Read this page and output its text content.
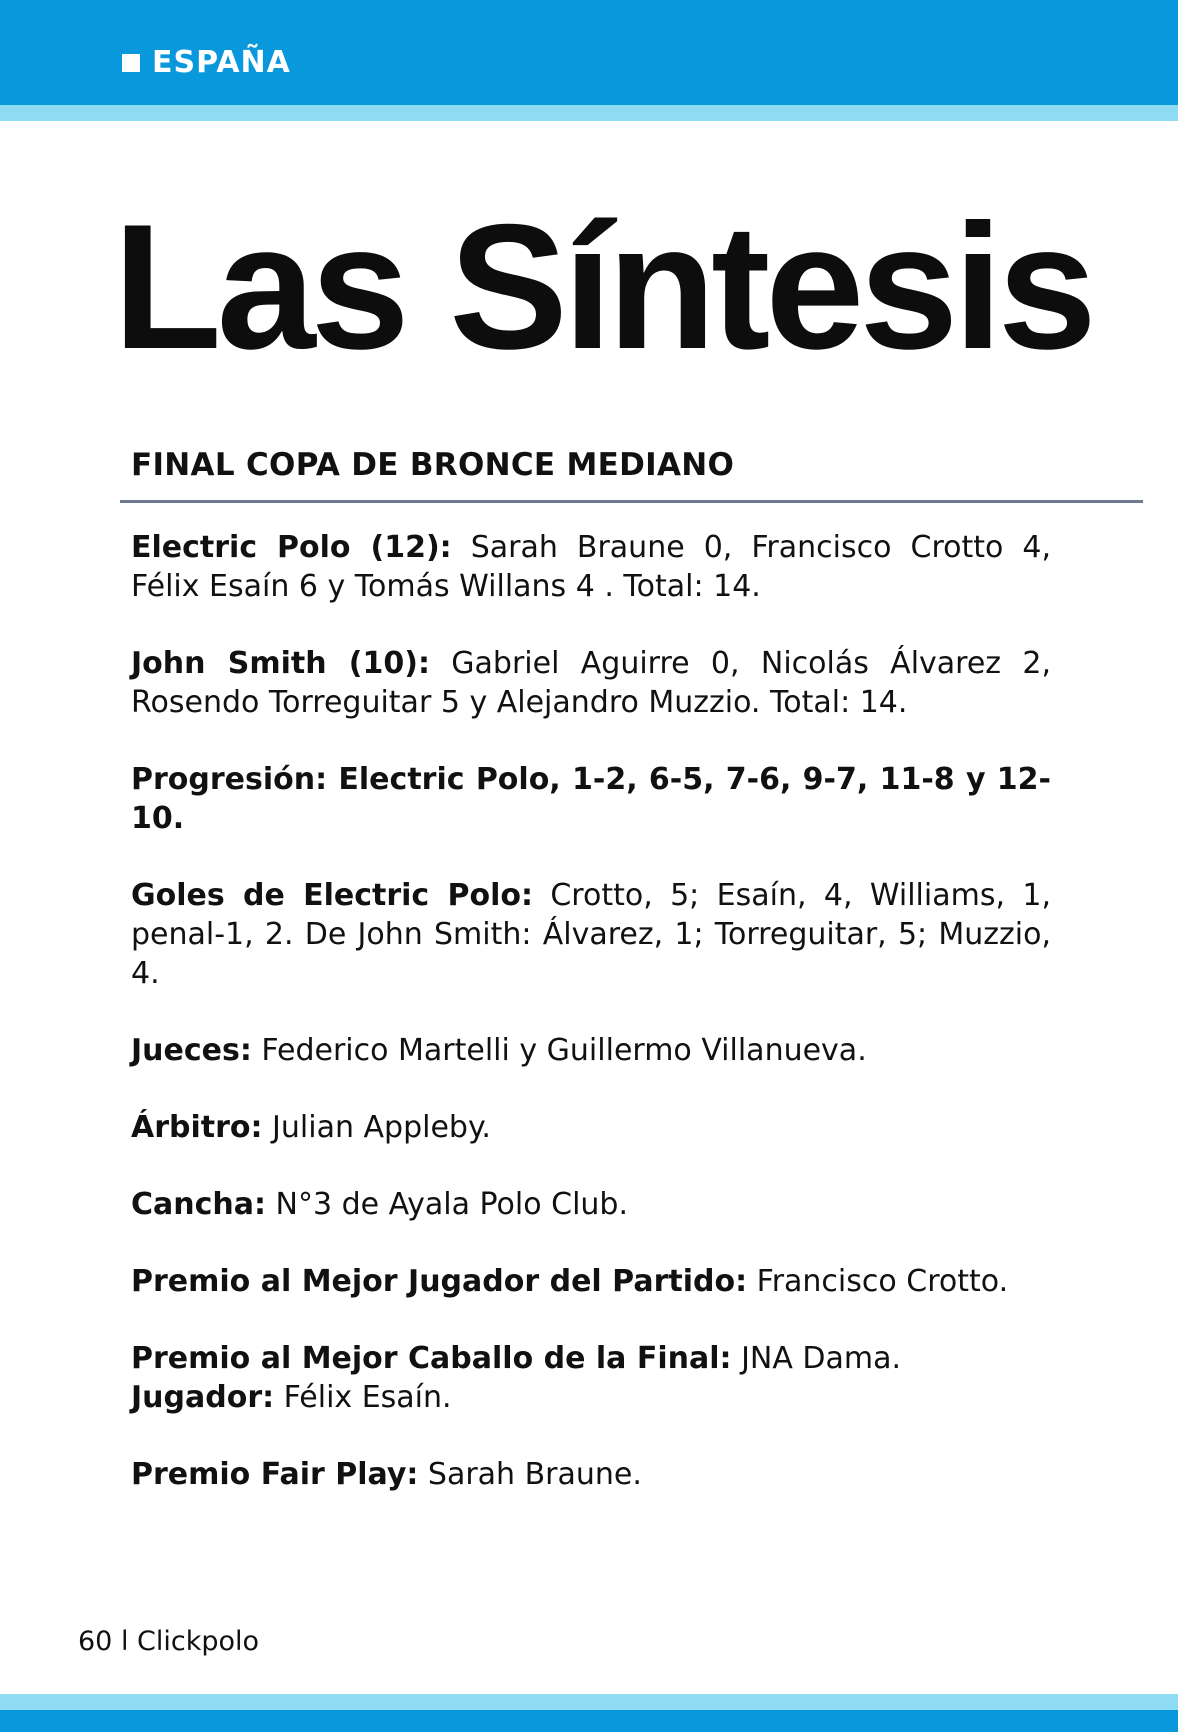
ESPAÑA
Las Síntesis
FINAL COPA DE BRONCE MEDIANO

Electric Polo (12): Sarah Braune 0, Francisco Crotto 4, Félix Esaín 6 y Tomás Willans 4 . Total: 14.

John Smith (10): Gabriel Aguirre 0, Nicolás Álvarez 2, Rosendo Torreguitar 5 y Alejandro Muzzio. Total: 14.

Progresión: Electric Polo, 1-2, 6-5, 7-6, 9-7, 11-8 y 12-10.

Goles de Electric Polo: Crotto, 5; Esaín, 4, Williams, 1, penal-1, 2. De John Smith: Álvarez, 1; Torreguitar, 5; Muzzio, 4.

Jueces: Federico Martelli y Guillermo Villanueva.

Árbitro: Julian Appleby.

Cancha: N°3 de Ayala Polo Club.

Premio al Mejor Jugador del Partido: Francisco Crotto.

Premio al Mejor Caballo de la Final: JNA Dama.
Jugador: Félix Esaín.

Premio Fair Play: Sarah Braune.

60 l Clickpolo
